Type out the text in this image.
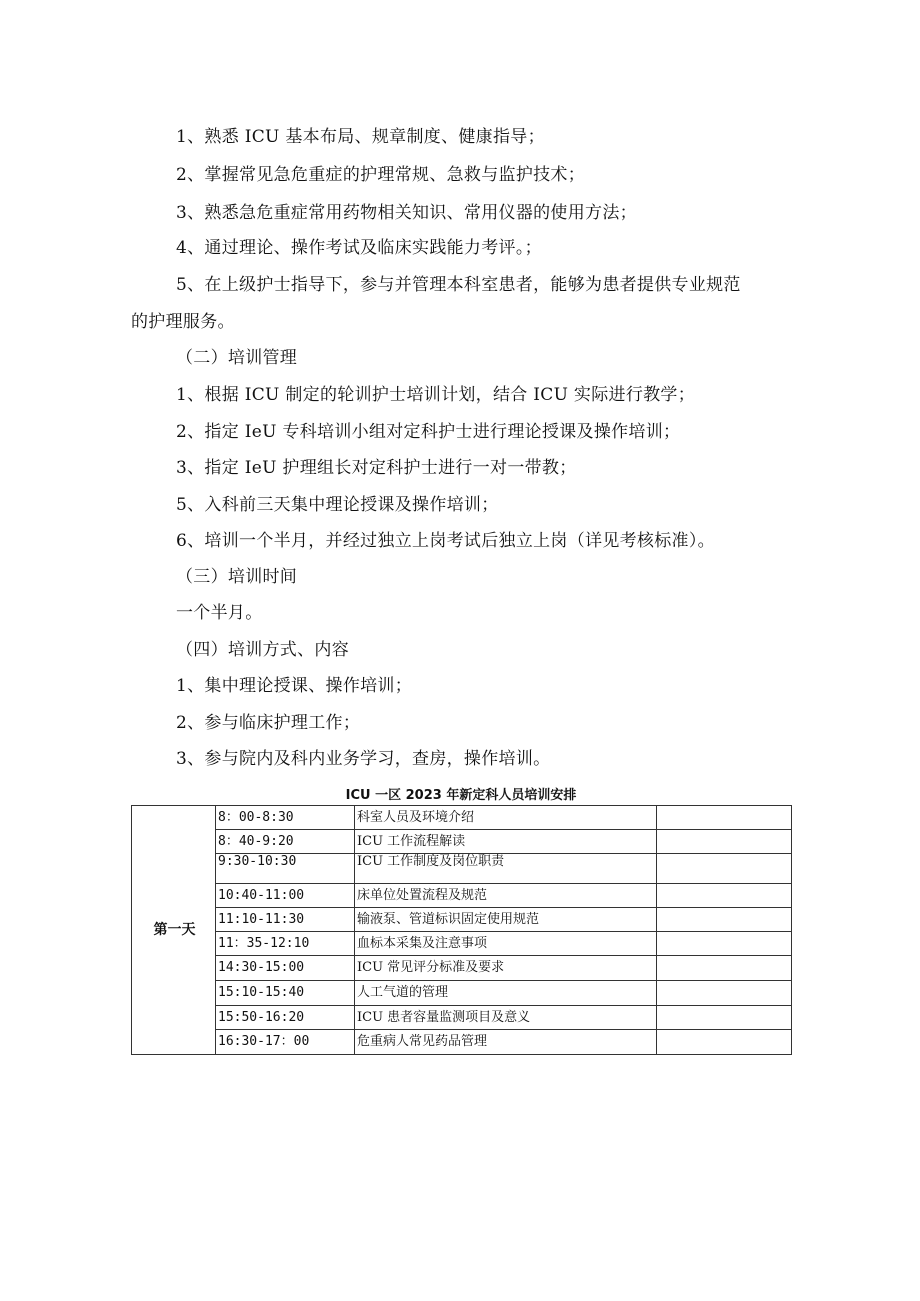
1、熟悉 ICU 基本布局、规章制度、健康指导；
2、掌握常见急危重症的护理常规、急救与监护技术；
3、熟悉急危重症常用药物相关知识、常用仪器的使用方法；
4、通过理论、操作考试及临床实践能力考评。；
5、在上级护士指导下，参与并管理本科室患者，能够为患者提供专业规范
的护理服务。
（二）培训管理
1、根据 ICU 制定的轮训护士培训计划，结合 ICU 实际进行教学；
2、指定 IeU 专科培训小组对定科护士进行理论授课及操作培训；
3、指定 IeU 护理组长对定科护士进行一对一带教；
5、入科前三天集中理论授课及操作培训；
6、培训一个半月，并经过独立上岗考试后独立上岗（详见考核标准）。
（三）培训时间
一个半月。
（四）培训方式、内容
1、集中理论授课、操作培训；
2、参与临床护理工作；
3、参与院内及科内业务学习，查房，操作培训。
ICU 一区 2023 年新定科人员培训安排
第一天	8：00-8:30	科室人员及环境介绍	
	8：40-9:20	ICU 工作流程解读	
	9:30-10:30	ICU 工作制度及岗位职责	
	10:40-11:00	床单位处置流程及规范	
	11:10-11:30	输液泵、管道标识固定使用规范	
	11：35-12:10	血标本采集及注意事项	
	14:30-15:00	ICU 常见评分标准及要求	
	15:10-15:40	人工气道的管理	
	15:50-16:20	ICU 患者容量监测项目及意义	
	16:30-17：00	危重病人常见药品管理	
